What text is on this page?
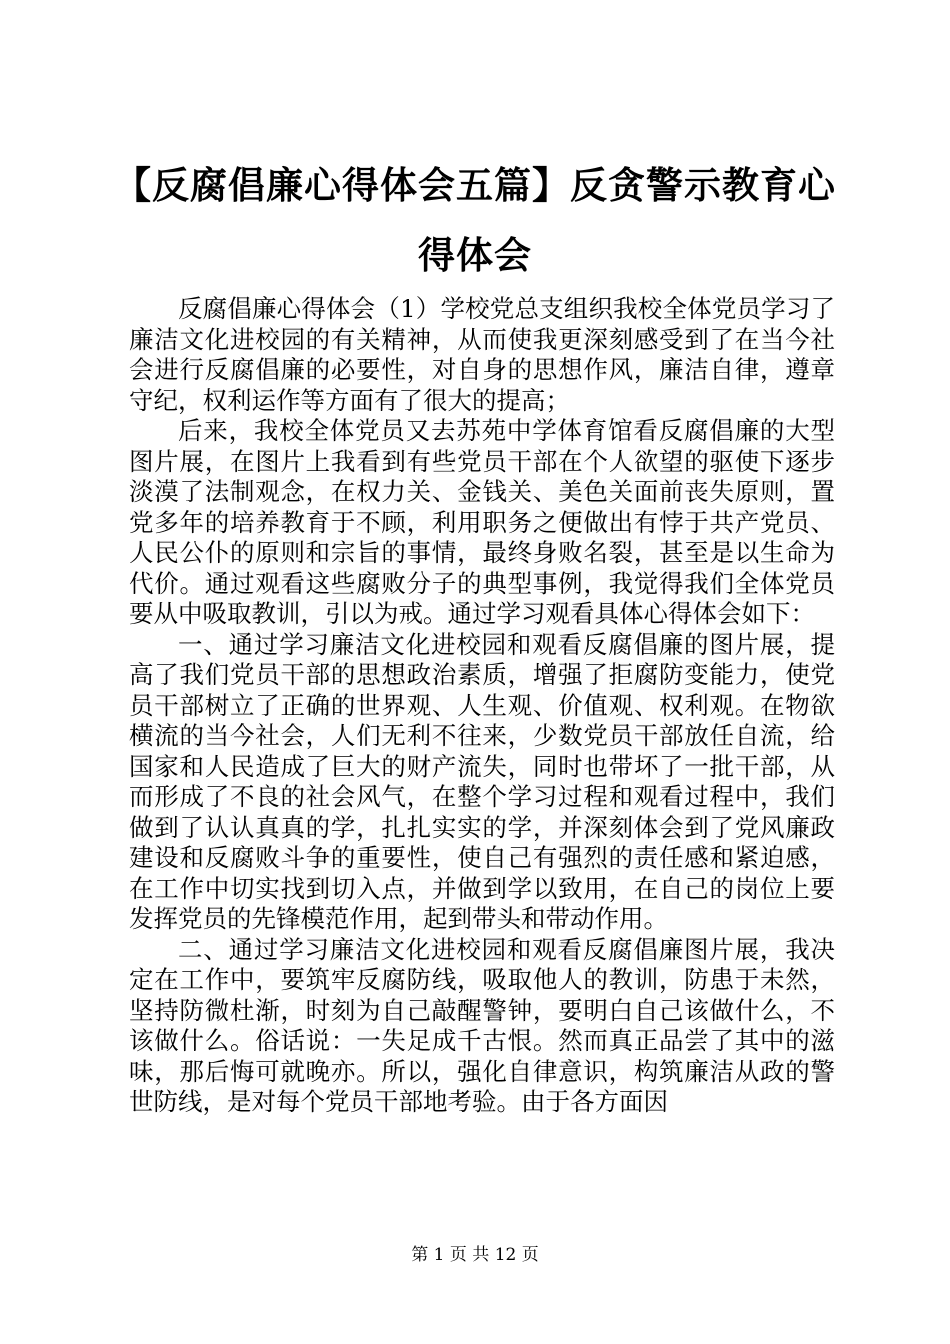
【反腐倡廉心得体会五篇】反贪警示教育心得体会

反腐倡廉心得体会（1）学校党总支组织我校全体党员学习了廉洁文化进校园的有关精神，从而使我更深刻感受到了在当今社会进行反腐倡廉的必要性，对自身的思想作风，廉洁自律，遵章守纪，权利运作等方面有了很大的提高；

后来，我校全体党员又去苏苑中学体育馆看反腐倡廉的大型图片展，在图片上我看到有些党员干部在个人欲望的驱使下逐步淡漠了法制观念，在权力关、金钱关、美色关面前丧失原则，置党多年的培养教育于不顾，利用职务之便做出有悖于共产党员、人民公仆的原则和宗旨的事情，最终身败名裂，甚至是以生命为代价。通过观看这些腐败分子的典型事例，我觉得我们全体党员要从中吸取教训，引以为戒。通过学习观看具体心得体会如下：

一、通过学习廉洁文化进校园和观看反腐倡廉的图片展，提高了我们党员干部的思想政治素质，增强了拒腐防变能力，使党员干部树立了正确的世界观、人生观、价值观、权利观。在物欲横流的当今社会，人们无利不往来，少数党员干部放任自流，给国家和人民造成了巨大的财产流失，同时也带坏了一批干部，从而形成了不良的社会风气，在整个学习过程和观看过程中，我们做到了认认真真的学，扎扎实实的学，并深刻体会到了党风廉政建设和反腐败斗争的重要性，使自己有强烈的责任感和紧迫感，在工作中切实找到切入点，并做到学以致用，在自己的岗位上要发挥党员的先锋模范作用，起到带头和带动作用。

二、通过学习廉洁文化进校园和观看反腐倡廉图片展，我决定在工作中，要筑牢反腐防线，吸取他人的教训，防患于未然，坚持防微杜渐，时刻为自己敲醒警钟，要明白自己该做什么，不该做什么。俗话说：一失足成千古恨。然而真正品尝了其中的滋味，那后悔可就晚亦。所以，强化自律意识，构筑廉洁从政的警世防线，是对每个党员干部地考验。由于各方面因

第 1 页 共 12 页
